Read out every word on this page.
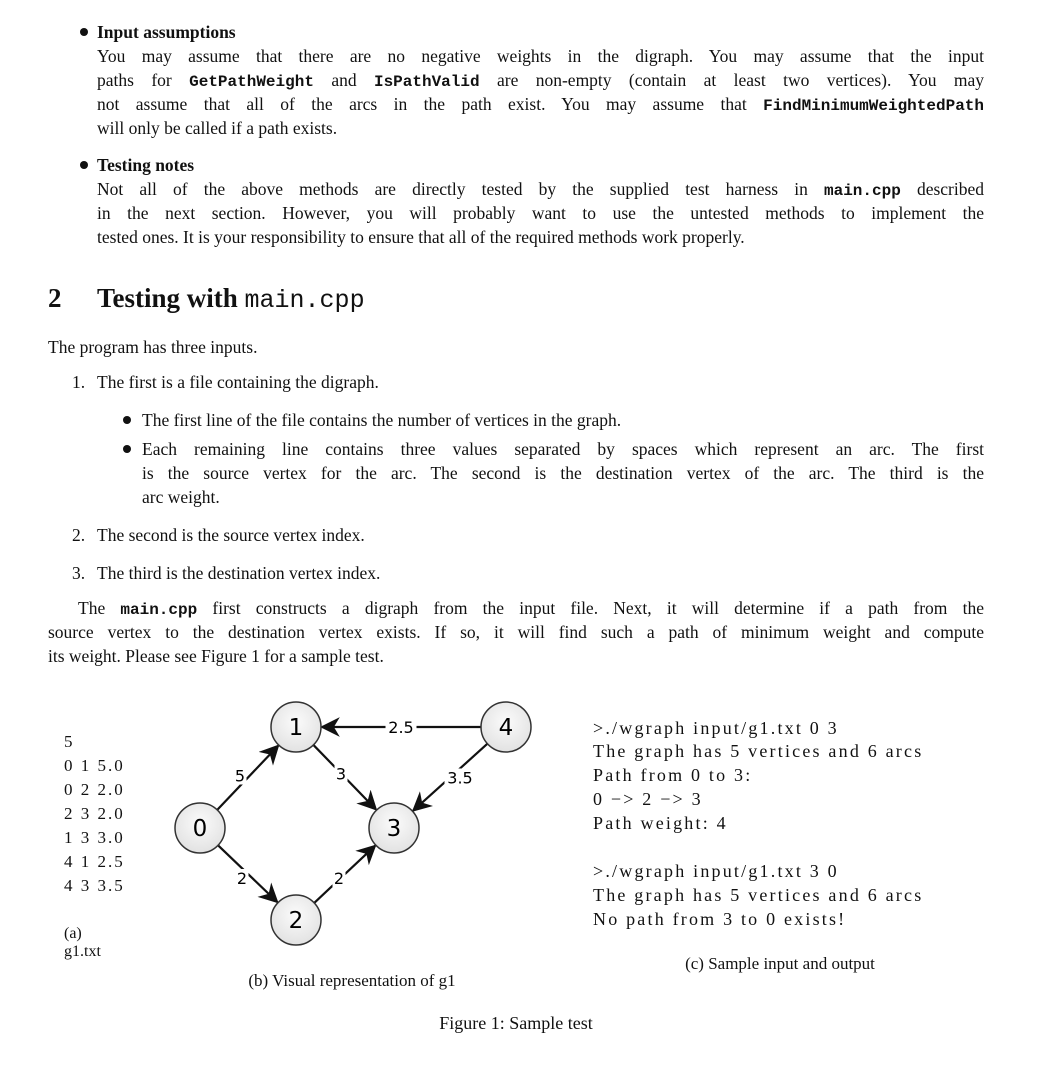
Input assumptions
You may assume that there are no negative weights in the digraph. You may assume that the input
paths for GetPathWeight and IsPathValid are non-empty (contain at least two vertices). You may
not assume that all of the arcs in the path exist. You may assume that FindMinimumWeightedPath
will only be called if a path exists.
Testing notes
Not all of the above methods are directly tested by the supplied test harness in main.cpp described
in the next section. However, you will probably want to use the untested methods to implement the
tested ones. It is your responsibility to ensure that all of the required methods work properly.
2 Testing with main.cpp
The program has three inputs.
1. The first is a file containing the digraph.
2. The second is the source vertex index.
3. The third is the destination vertex index.
The first line of the file contains the number of vertices in the graph.
Each remaining line contains three values separated by spaces which represent an arc. The first
is the source vertex for the arc. The second is the destination vertex of the arc. The third is the
arc weight.
The main.cpp first constructs a digraph from the input file. Next, it will determine if a path from the
source vertex to the destination vertex exists. If so, it will find such a path of minimum weight and compute
its weight. Please see Figure 1 for a sample test.
5
0 1 5.0
0 2 2.0
2 3 2.0
1 3 3.0
4 1 2.5
4 3 3.5
(a)
g1.txt
5
2	2
3
2.5
3.5
0
1
2
3
4	>./wgraph input/g1.txt 0 3
The graph has 5 vertices and 6 arcs
Path from 0 to 3:
0 −> 2 −> 3
Path weight: 4
>./wgraph input/g1.txt 3 0
The graph has 5 vertices and 6 arcs
No path from 3 to 0 exists!
(b) Visual representation of g1
(c) Sample input and output
Figure 1: Sample test
